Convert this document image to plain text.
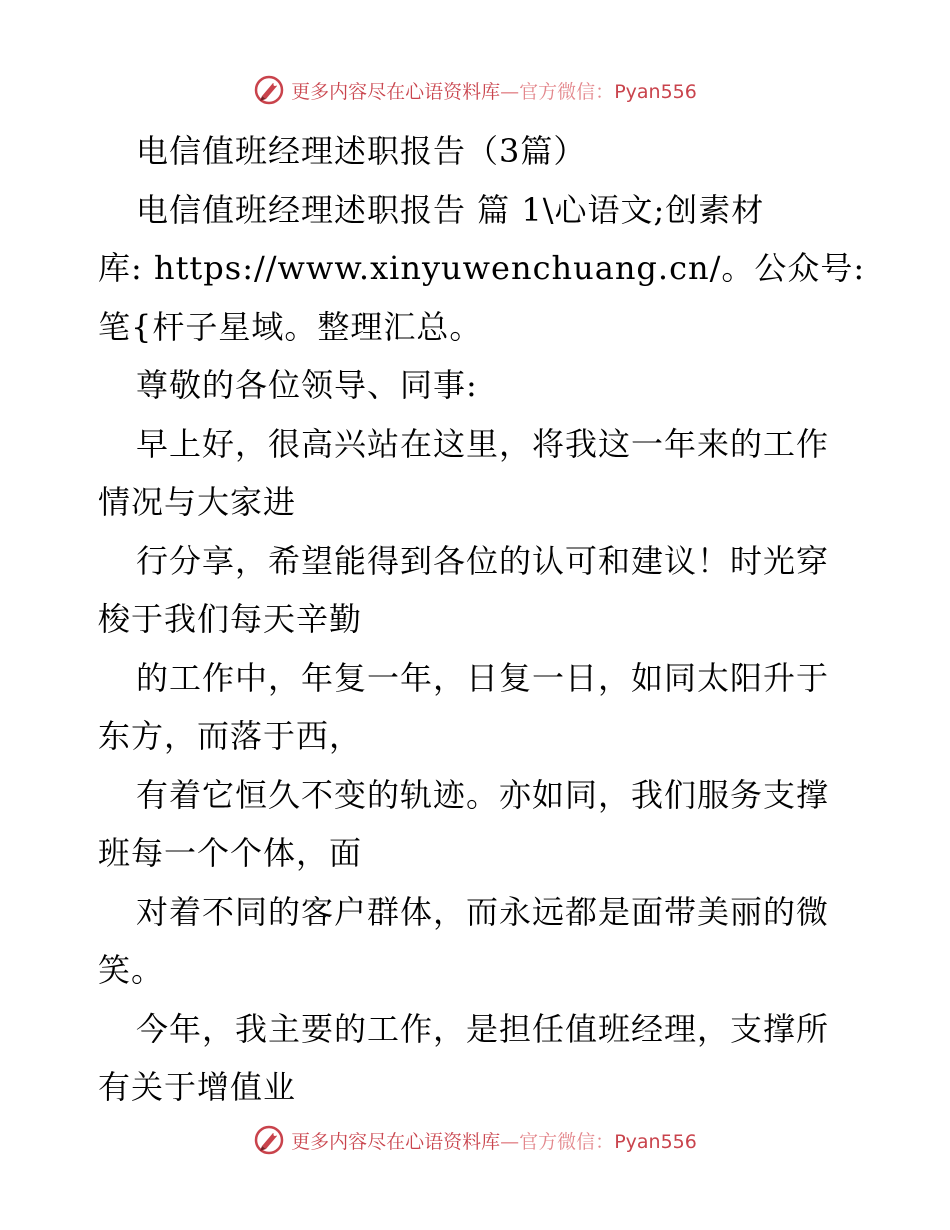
更多内容尽在心语资料库—官方微信：Pyan556
电信值班经理述职报告（3篇）
电信值班经理述职报告 篇 1\心语文;创素材
库: https://www.xinyuwenchuang.cn/。公众号:
笔{杆子星域。整理汇总。
尊敬的各位领导、同事:
早上好，很高兴站在这里，将我这一年来的工作
情况与大家进
行分享，希望能得到各位的认可和建议！时光穿
梭于我们每天辛勤
的工作中，年复一年，日复一日，如同太阳升于
东方，而落于西，
有着它恒久不变的轨迹。亦如同，我们服务支撑
班每一个个体，面
对着不同的客户群体，而永远都是面带美丽的微
笑。
今年，我主要的工作，是担任值班经理，支撑所
有关于增值业
更多内容尽在心语资料库—官方微信：Pyan556
